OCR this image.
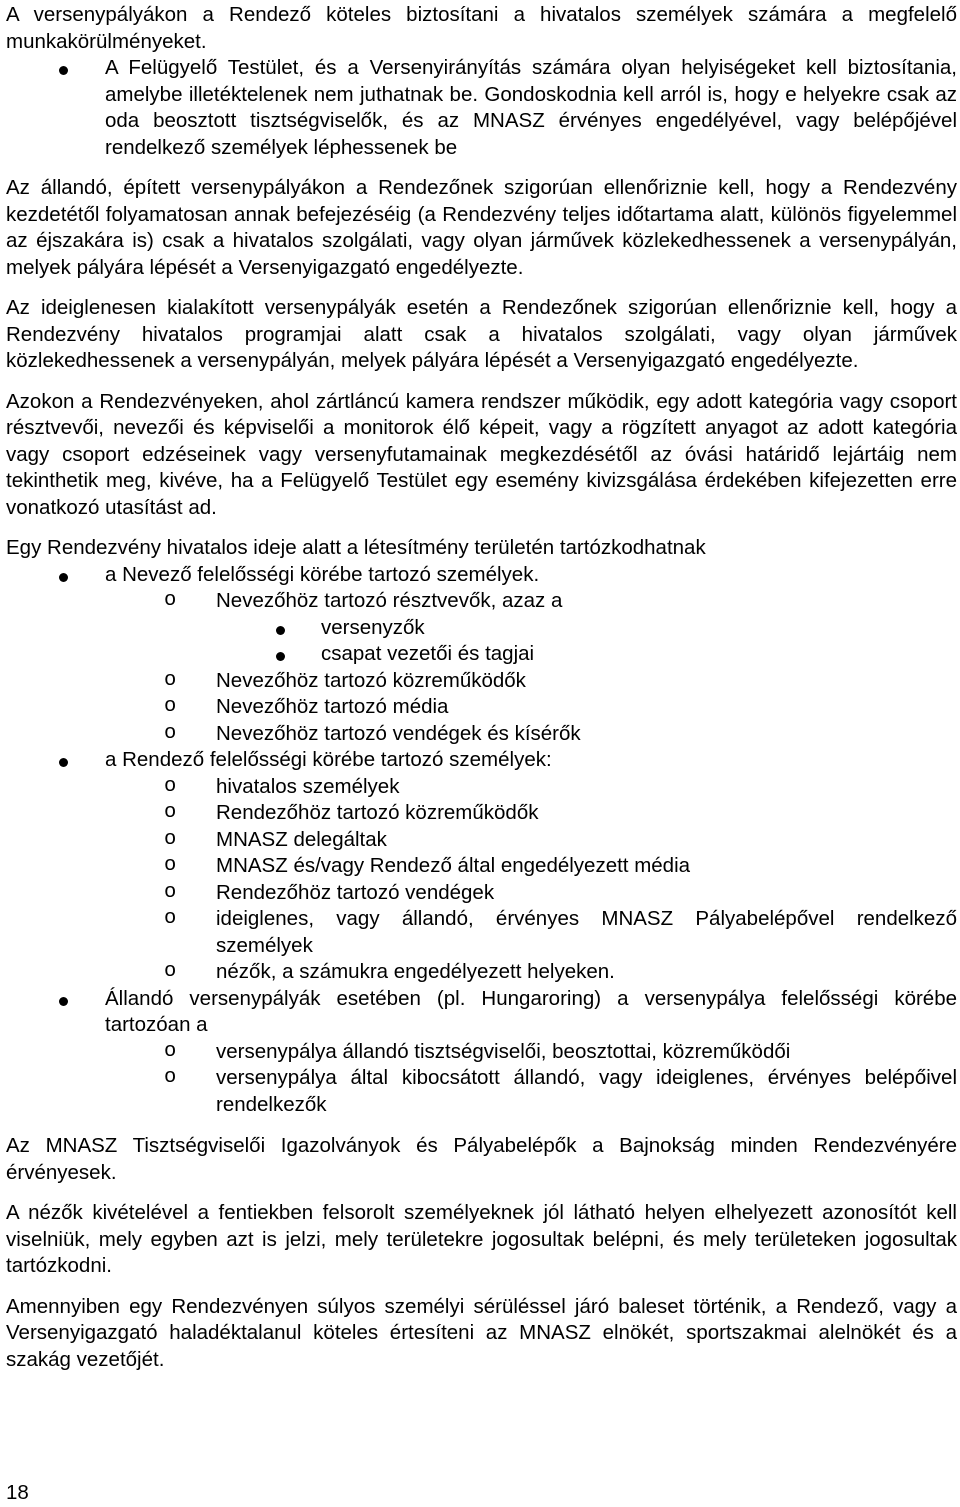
A versenypályákon a Rendező köteles biztosítani a hivatalos személyek számára a megfelelő munkakörülményeket.

A Felügyelő Testület, és a Versenyirányítás számára olyan helyiségeket kell biztosítania, amelybe illetéktelenek nem juthatnak be. Gondoskodnia kell arról is, hogy e helyekre csak az oda beosztott tisztségviselők, és az MNASZ érvényes engedélyével, vagy belépőjével rendelkező személyek léphessenek be

Az állandó, épített versenypályákon a Rendezőnek szigorúan ellenőriznie kell, hogy a Rendezvény kezdetétől folyamatosan annak befejezéséig (a Rendezvény teljes időtartama alatt, különös figyelemmel az éjszakára is) csak a hivatalos szolgálati, vagy olyan járművek közlekedhessenek a versenypályán, melyek pályára lépését a Versenyigazgató engedélyezte.

Az ideiglenesen kialakított versenypályák esetén a Rendezőnek szigorúan ellenőriznie kell, hogy a Rendezvény hivatalos programjai alatt csak a hivatalos szolgálati, vagy olyan járművek közlekedhessenek a versenypályán, melyek pályára lépését a Versenyigazgató engedélyezte.

Azokon a Rendezvényeken, ahol zártláncú kamera rendszer működik, egy adott kategória vagy csoport résztvevői, nevezői és képviselői a monitorok élő képeit, vagy a rögzített anyagot az adott kategória vagy csoport edzéseinek vagy versenyfutamainak megkezdésétől az óvási határidő lejártáig nem tekinthetik meg, kivéve, ha a Felügyelő Testület egy esemény kivizsgálása érdekében kifejezetten erre vonatkozó utasítást ad.

Egy Rendezvény hivatalos ideje alatt a létesítmény területén tartózkodhatnak

a Nevező felelősségi körébe tartozó személyek.
o Nevezőhöz tartozó résztvevők, azaz a
versenyzők
csapat vezetői és tagjai
o Nevezőhöz tartozó közreműködők
o Nevezőhöz tartozó média
o Nevezőhöz tartozó vendégek és kísérők
a Rendező felelősségi körébe tartozó személyek:
o hivatalos személyek
o Rendezőhöz tartozó közreműködők
o MNASZ delegáltak
o MNASZ és/vagy Rendező által engedélyezett média
o Rendezőhöz tartozó vendégek
o ideiglenes, vagy állandó, érvényes MNASZ Pályabelépővel rendelkező személyek
o nézők, a számukra engedélyezett helyeken.
Állandó versenypályák esetében (pl. Hungaroring) a versenypálya felelősségi körébe tartozóan a
o versenypálya állandó tisztségviselői, beosztottai, közreműködői
o versenypálya által kibocsátott állandó, vagy ideiglenes, érvényes belépőivel rendelkezők

Az MNASZ Tisztségviselői Igazolványok és Pályabelépők a Bajnokság minden Rendezvényére érvényesek.

A nézők kivételével a fentiekben felsorolt személyeknek jól látható helyen elhelyezett azonosítót kell viselniük, mely egyben azt is jelzi, mely területekre jogosultak belépni, és mely területeken jogosultak tartózkodni.

Amennyiben egy Rendezvényen súlyos személyi sérüléssel járó baleset történik, a Rendező, vagy a Versenyigazgató haladéktalanul köteles értesíteni az MNASZ elnökét, sportszakmai alelnökét és a szakág vezetőjét.

18
